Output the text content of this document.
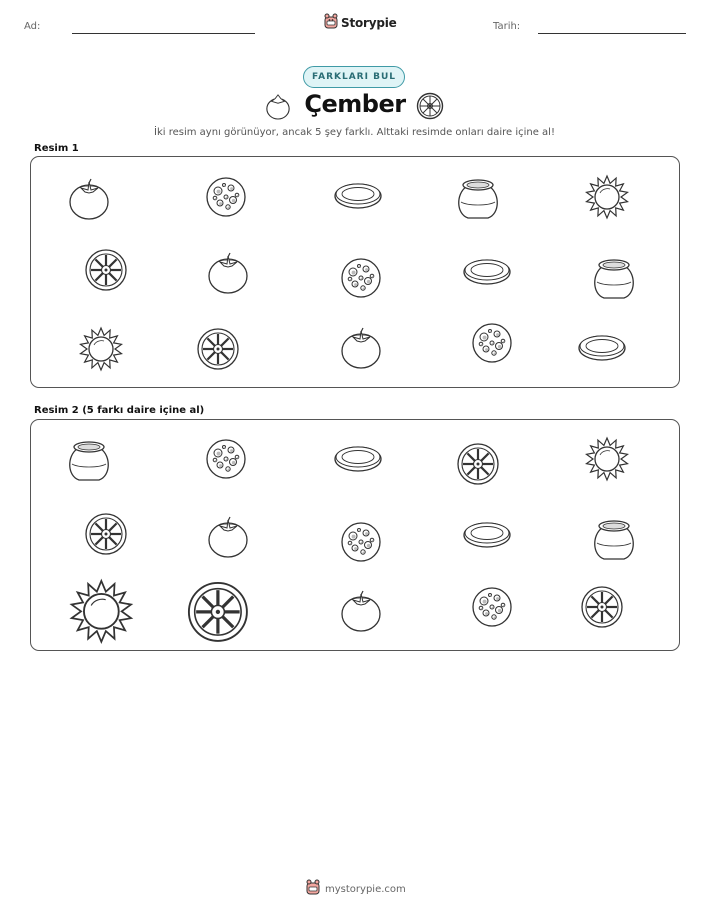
Ad:	Storypie	Tarih:
FARKLARI BUL
Çember
İki resim aynı görünüyor, ancak 5 şey farklı. Alttaki resimde onları daire içine al!
Resim 1
Resim 2 (5 farkı daire içine al)
mystorypie.com
